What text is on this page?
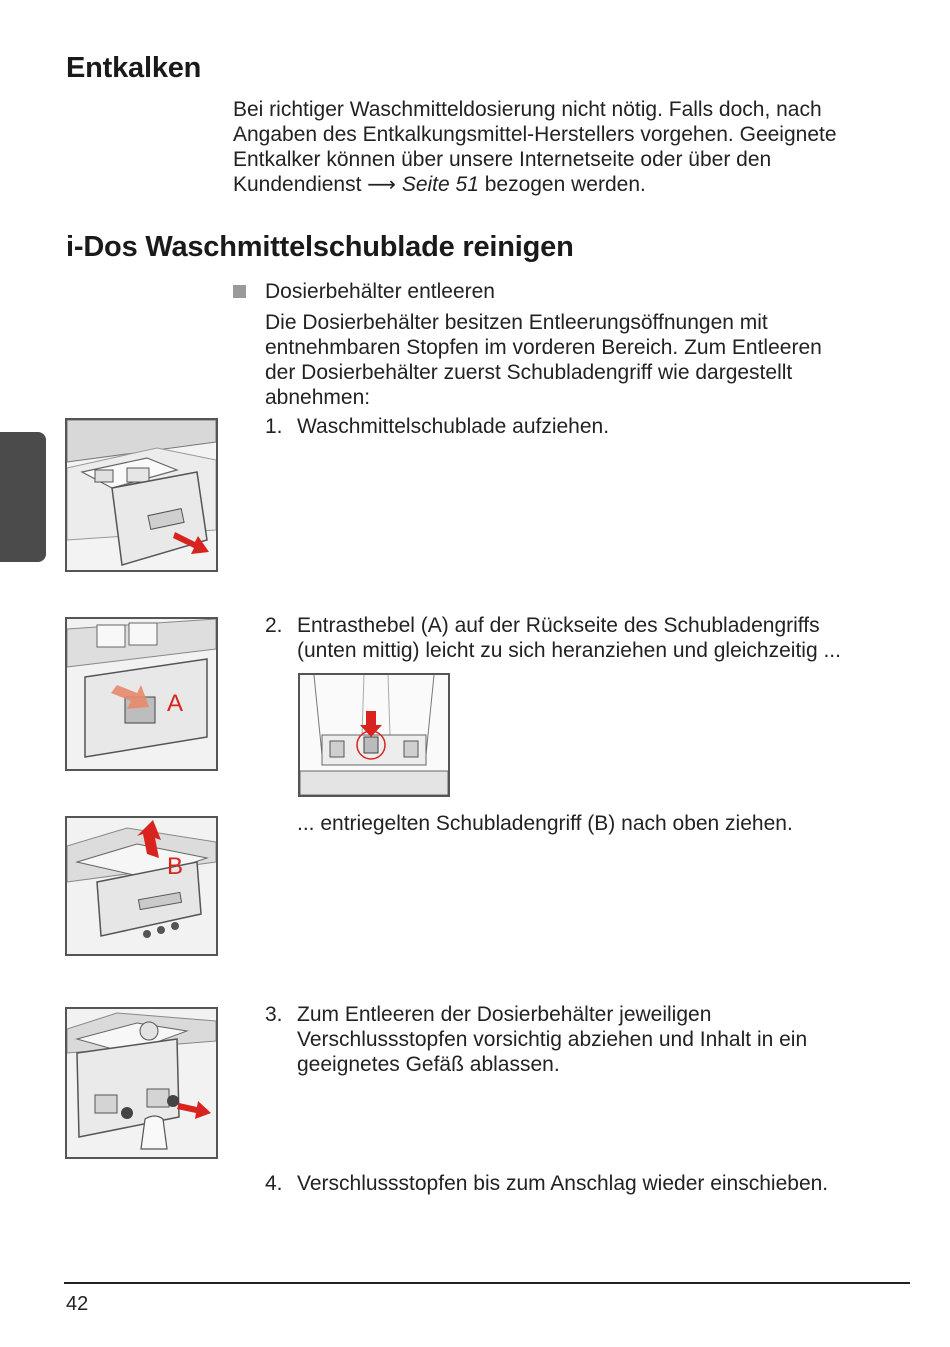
Entkalken
Bei richtiger Waschmitteldosierung nicht nötig. Falls doch, nach
Angaben des Entkalkungsmittel-Herstellers vorgehen. Geeignete
Entkalker können über unsere Internetseite oder über den
Kundendienst ⟶ Seite 51 bezogen werden.
i-Dos Waschmittelschublade reinigen
Dosierbehälter entleeren
Die Dosierbehälter besitzen Entleerungsöffnungen mit
entnehmbaren Stopfen im vorderen Bereich. Zum Entleeren
der Dosierbehälter zuerst Schubladengriff wie dargestellt
abnehmen:
1. Waschmittelschublade aufziehen.
2. Entrasthebel (A) auf der Rückseite des Schubladengriffs
(unten mittig) leicht zu sich heranziehen und gleichzeitig ...
... entriegelten Schubladengriff (B) nach oben ziehen.
3. Zum Entleeren der Dosierbehälter jeweiligen
Verschlussstopfen vorsichtig abziehen und Inhalt in ein
geeignetes Gefäß ablassen.
4. Verschlussstopfen bis zum Anschlag wieder einschieben.
A
B
42
